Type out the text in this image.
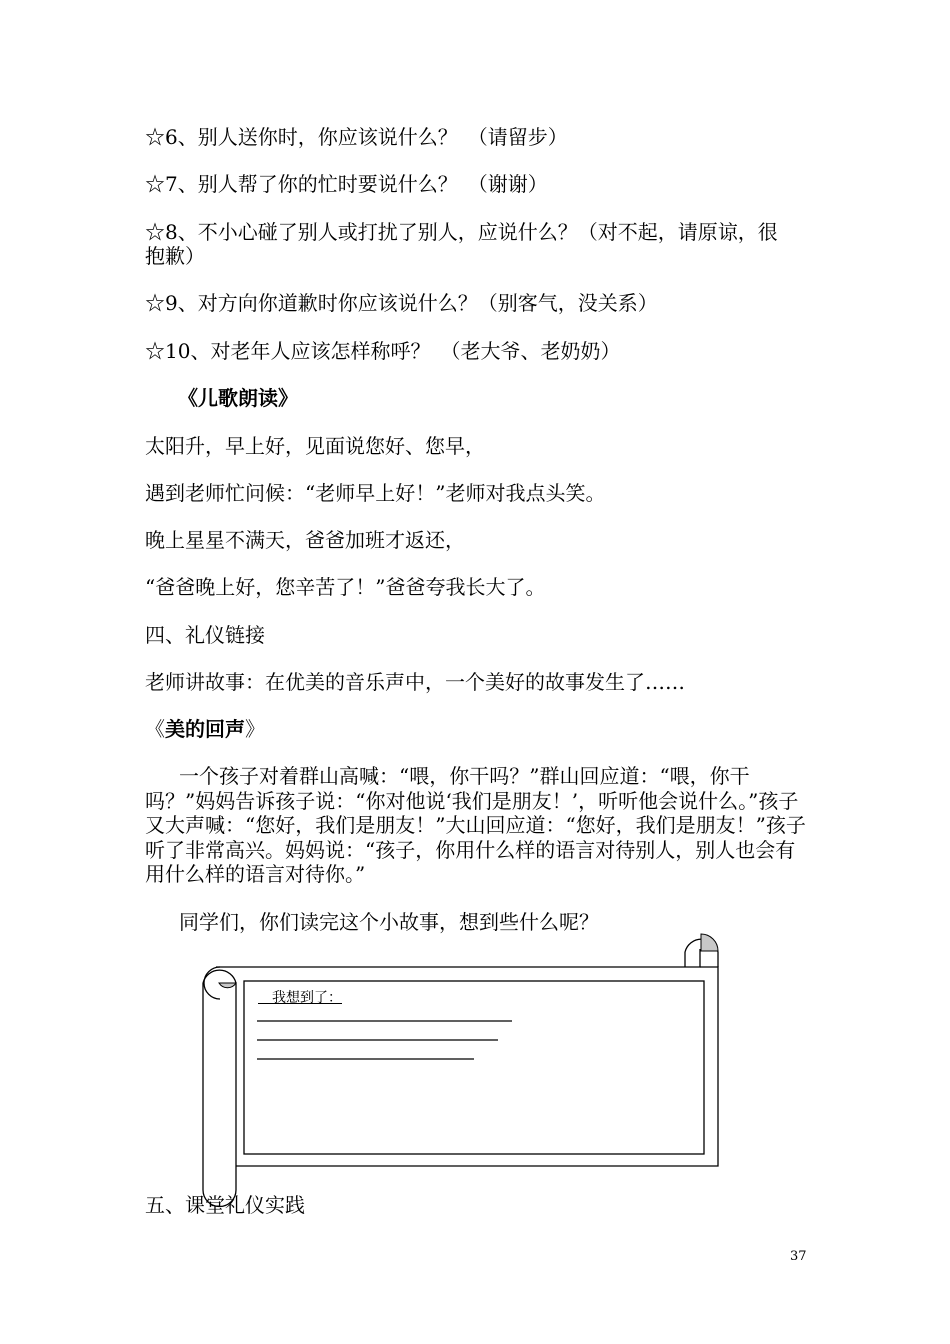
☆6、别人送你时，你应该说什么？　（请留步）
☆7、别人帮了你的忙时要说什么？　（谢谢）
☆8、不小心碰了别人或打扰了别人，应说什么？（对不起，请原谅，很
抱歉）
☆9、对方向你道歉时你应该说什么？（别客气，没关系）
☆10、对老年人应该怎样称呼？　（老大爷、老奶奶）
《儿歌朗读》
太阳升，早上好，见面说您好、您早，
遇到老师忙问候：“老师早上好！”老师对我点头笑。
晚上星星不满天，爸爸加班才返还，
“爸爸晚上好，您辛苦了！”爸爸夸我长大了。
四、礼仪链接
老师讲故事：在优美的音乐声中，一个美好的故事发生了……
《美的回声》
一个孩子对着群山高喊：“喂，你干吗？”群山回应道：“喂，你干吗？”妈妈告诉孩子说：“你对他说‘我们是朋友！’，听听他会说什么。”孩子又大声喊：“您好，我们是朋友！”大山回应道：“您好，我们是朋友！”孩子听了非常高兴。妈妈说：“孩子，你用什么样的语言对待别人，别人也会有用什么样的语言对待你。”
同学们，你们读完这个小故事，想到些什么呢？
　我想到了：
五、课堂礼仪实践
37
